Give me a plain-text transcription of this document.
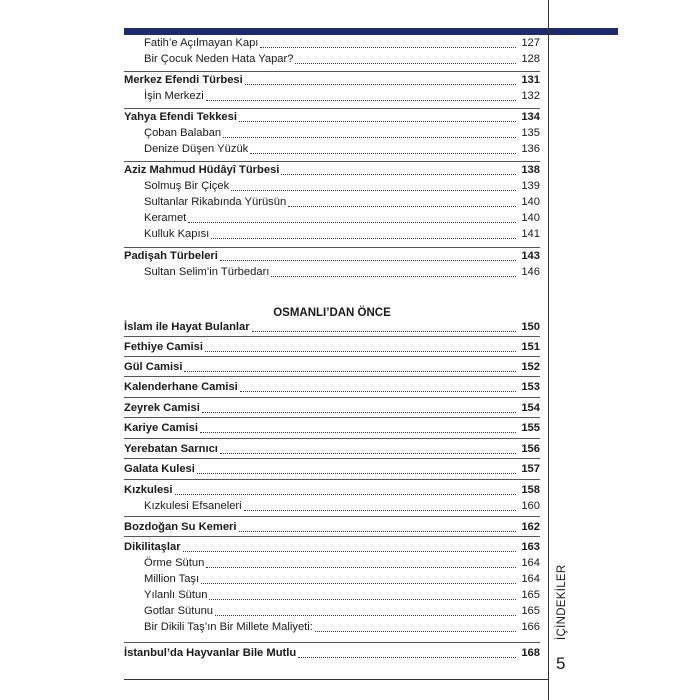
OSMANLI’DAN ÖNCE
Fatih’e Açılmayan Kapı	127
Bir Çocuk Neden Hata Yapar?	128
Merkez Efendi Türbesi	131
İşin Merkezi	132
Yahya Efendi Tekkesi	134
Çoban Balaban	135
Denize Düşen Yüzük	136
Aziz Mahmud Hüdâyî Türbesi	138
Solmuş Bir Çiçek	139
Sultanlar Rikabında Yürüsün	140
Keramet	140
Kulluk Kapısı	141
Padişah Türbeleri	143
Sultan Selim’in Türbedarı	146
İslam ile Hayat Bulanlar	150
Fethiye Camisi	151
Gül Camisi	152
Kalenderhane Camisi	153
Zeyrek Camisi	154
Kariye Camisi	155
Yerebatan Sarnıcı	156
Galata Kulesi	157
Kızkulesi	158
Kızkulesi Efsaneleri	160
Bozdoğan Su Kemeri	162
Dikilitaşlar	163
Örme Sütun	164
Million Taşı	164
Yılanlı Sütun	165
Gotlar Sütunu	165
Bir Dikili Taş’ın Bir Millete Maliyeti:	166
İstanbul’da Hayvanlar Bile Mutlu	168
İÇİNDEKİLER
5
